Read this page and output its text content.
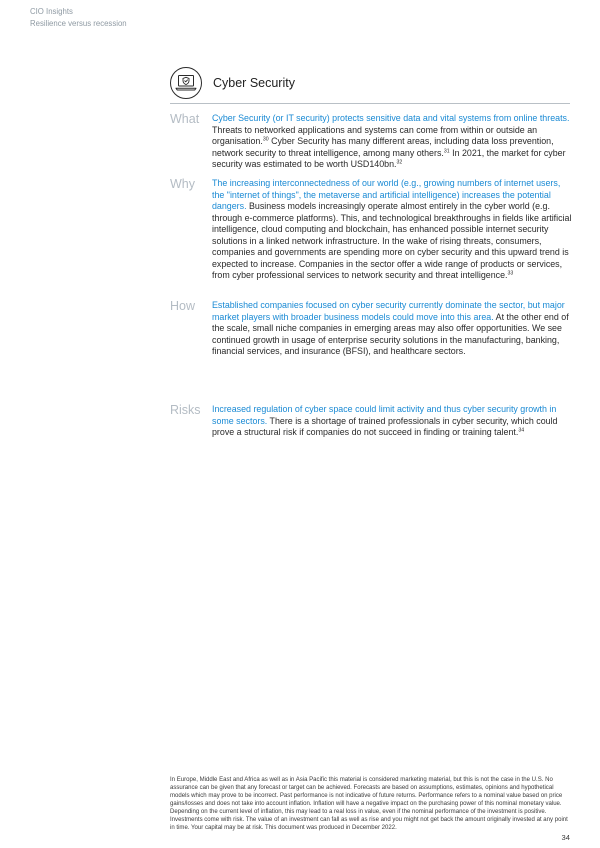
CIO Insights
Resilience versus recession
Cyber Security
What Cyber Security (or IT security) protects sensitive data and vital systems from online threats. Threats to networked applications and systems can come from within or outside an organisation.$^{30}$ Cyber Security has many different areas, including data loss prevention, network security to threat intelligence, among many others.$^{31}$ In 2021, the market for cyber security was estimated to be worth USD140bn.$^{32}$
Why The increasing interconnectedness of our world (e.g., growing numbers of internet users, the "internet of things", the metaverse and artificial intelligence) increases the potential dangers. Business models increasingly operate almost entirely in the cyber world (e.g. through e-commerce platforms). This, and technological breakthroughs in fields like artificial intelligence, cloud computing and blockchain, has enhanced possible internet security solutions in a linked network infrastructure. In the wake of rising threats, consumers, companies and governments are spending more on cyber security and this upward trend is expected to increase. Companies in the sector offer a wide range of products or services, from cyber professional services to network security and threat intelligence.$^{33}$
How Established companies focused on cyber security currently dominate the sector, but major market players with broader business models could move into this area. At the other end of the scale, small niche companies in emerging areas may also offer opportunities. We see continued growth in usage of enterprise security solutions in the manufacturing, banking, financial services, and insurance (BFSI), and healthcare sectors.
Risks Increased regulation of cyber space could limit activity and thus cyber security growth in some sectors. There is a shortage of trained professionals in cyber security, which could prove a structural risk if companies do not succeed in finding or training talent.$^{34}$
In Europe, Middle East and Africa as well as in Asia Pacific this material is considered marketing material, but this is not the case in the U.S. No assurance can be given that any forecast or target can be achieved. Forecasts are based on assumptions, estimates, opinions and hypothetical models which may prove to be incorrect. Past performance is not indicative of future returns. Performance refers to a nominal value based on price gains/losses and does not take into account inflation. Inflation will have a negative impact on the purchasing power of this nominal monetary value. Depending on the current level of inflation, this may lead to a real loss in value, even if the nominal performance of the investment is positive. Investments come with risk. The value of an investment can fall as well as rise and you might not get back the amount originally invested at any point in time. Your capital may be at risk. This document was produced in December 2022.
34
